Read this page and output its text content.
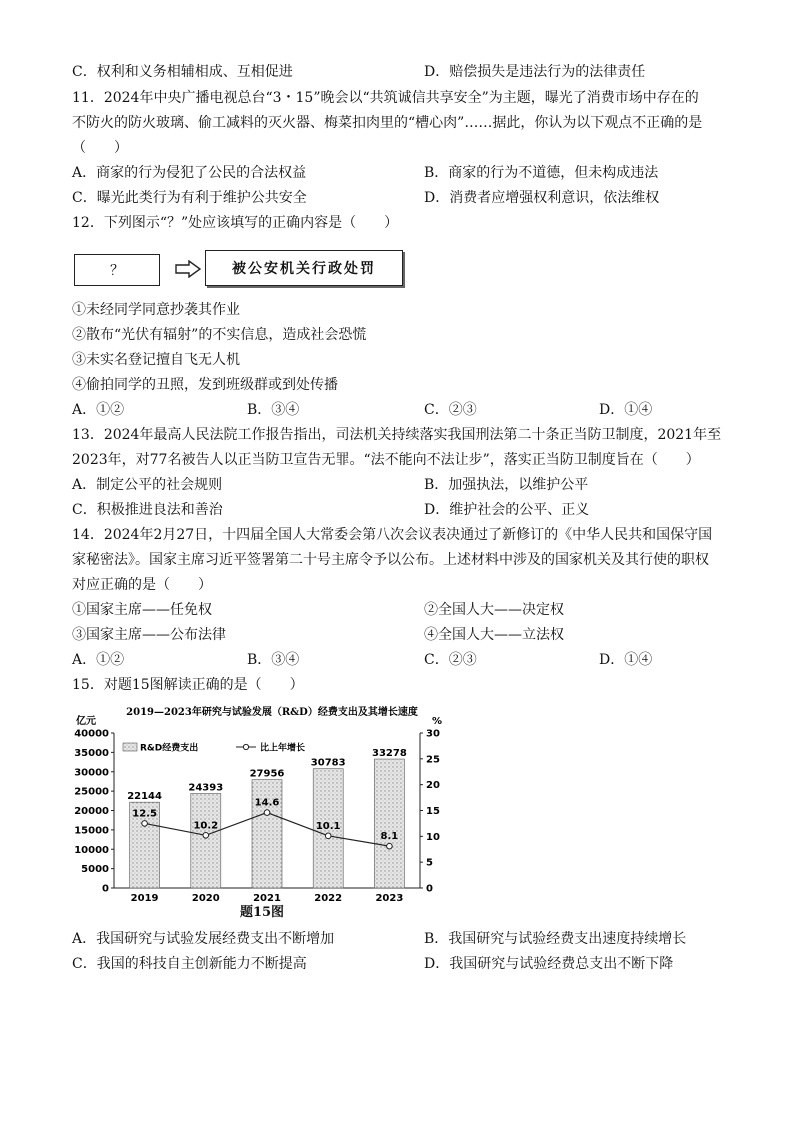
C．权利和义务相辅相成、互相促进	D．赔偿损失是违法行为的法律责任
11．2024年中央广播电视总台“3・15”晚会以“共筑诚信共享安全”为主题，曝光了消费市场中存在的
不防火的防火玻璃、偷工减料的灭火器、梅菜扣肉里的“槽心肉”……据此，你认为以下观点不正确的是
（　　）
A．商家的行为侵犯了公民的合法权益	B．商家的行为不道德，但未构成违法
C．曝光此类行为有利于维护公共安全	D．消费者应增强权利意识，依法维权
12．下列图示“？”处应该填写的正确内容是（　　）
？	被公安机关行政处罚
①未经同学同意抄袭其作业
②散布“光伏有辐射”的不实信息，造成社会恐慌
③未实名登记擅自飞无人机
④偷拍同学的丑照，发到班级群或到处传播
A．①②	B．③④	C．②③	D．①④
13．2024年最高人民法院工作报告指出，司法机关持续落实我国刑法第二十条正当防卫制度，2021年至
2023年，对77名被告人以正当防卫宣告无罪。“法不能向不法让步”，落实正当防卫制度旨在（　　）
A．制定公平的社会规则	B．加强执法，以维护公平
C．积极推进良法和善治	D．维护社会的公平、正义
14．2024年2月27日，十四届全国人大常委会第八次会议表决通过了新修订的《中华人民共和国保守国
家秘密法》。国家主席习近平签署第二十号主席令予以公布。上述材料中涉及的国家机关及其行使的职权
对应正确的是（　　）
①国家主席——任免权	②全国人大——决定权
③国家主席——公布法律	④全国人大——立法权
A．①②	B．③④	C．②③	D．①④
15．对题15图解读正确的是（　　）
2019—2023年研究与试验发展（R&D）经费支出及其增长速度
亿元	%
0
5000
10000
15000
20000
25000
30000
35000
40000
0
5
10
15
20
25
30
2019	2020	2021	2022	2023
22144
24393
27956
30783
33278
12.5
10.2
14.6
10.1
8.1
R&D经费支出	比上年增长
题15图
A．我国研究与试验发展经费支出不断增加	B．我国研究与试验经费支出速度持续增长
C．我国的科技自主创新能力不断提高	D．我国研究与试验经费总支出不断下降
